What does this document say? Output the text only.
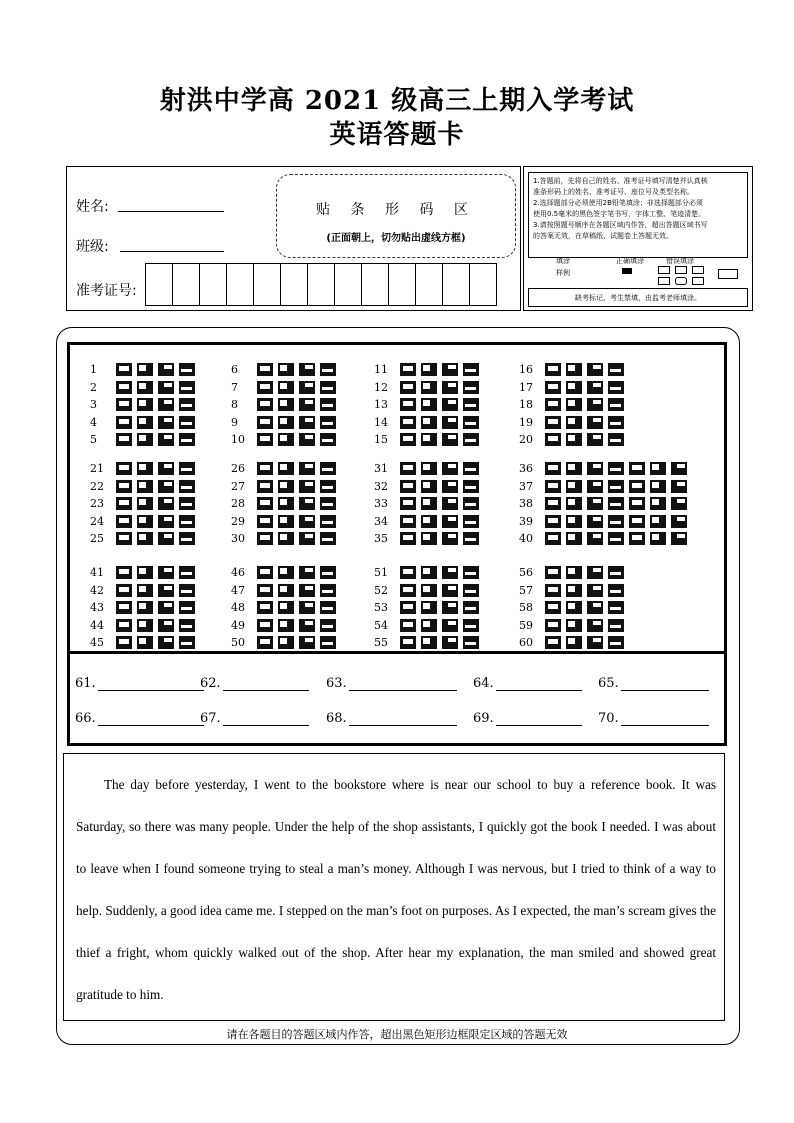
射洪中学高 2021 级高三上期入学考试
英语答题卡
姓名:
班级:
准考证号:
贴 条 形 码 区
(正面朝上，切勿贴出虚线方框)
1.答题前，先将自己的姓名、准考证号填写清楚并认真核
准条形码上的姓名、准考证号、座位号及类型名称。
2.选择题部分必须使用2B铅笔填涂；非选择题部分必须
使用0.5毫米的黑色签字笔书写，字体工整、笔迹清楚。
3.请按照题号顺序在各题区域内作答，超出答题区域书写
的答案无效，在草稿纸、试题卷上答题无效。
填涂
样例
正确填涂	错误填涂
缺考标记，考生禁填，由监考老师填涂。
1
2
3
4
5
6
7
8
9
10
11
12
13
14
15
16
17
18
19
20
21
22
23
24
25
26
27
28
29
30
31
32
33
34
35
36
37
38
39
40
41
42
43
44
45
46
47
48
49
50
51
52
53
54
55
56
57
58
59
60
61.	62.	63.	64.	65.
66.	67.	68.	69.	70.

The day before yesterday, I went to the bookstore where is near our school to buy a reference book. It was Saturday, so there was many people. Under the help of the shop assistants, I quickly got the book I needed. I was about to leave when I found someone trying to steal a man’s money. Although I was nervous, but I tried to think of a way to help. Suddenly, a good idea came me. I stepped on the man’s foot on purposes. As I expected, the man’s scream gives the thief a fright, whom quickly walked out of the shop. After hear my explanation, the man smiled and showed great gratitude to him.

请在各题目的答题区域内作答，超出黑色矩形边框限定区域的答题无效
